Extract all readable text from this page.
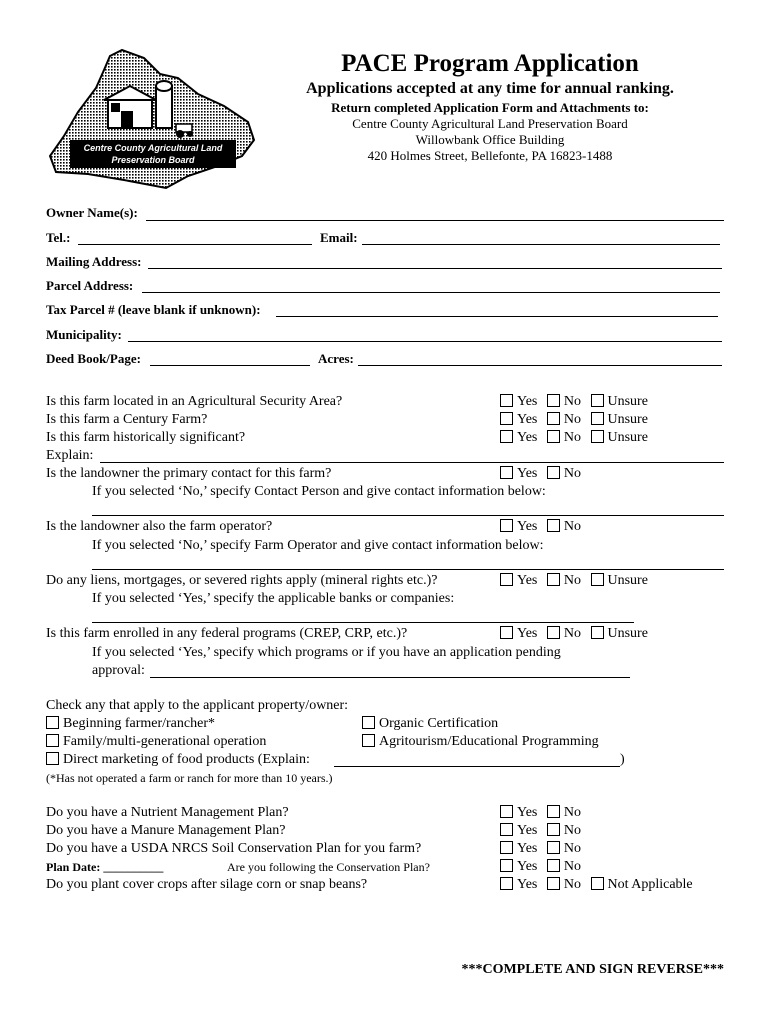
Centre County Agricultural Land
Preservation Board
PACE Program Application
Applications accepted at any time for annual ranking.
Return completed Application Form and Attachments to:
Centre County Agricultural Land Preservation Board
Willowbank Office Building
420 Holmes Street, Bellefonte, PA 16823-1488
Owner Name(s):
Tel.:	Email:
Mailing Address:
Parcel Address:
Tax Parcel # (leave blank if unknown):
Municipality:
Deed Book/Page:	Acres:
Is this farm located in an Agricultural Security Area?	Yes No Unsure
Is this farm a Century Farm?	Yes No Unsure
Is this farm historically significant?	Yes No Unsure
Explain:
Is the landowner the primary contact for this farm?	Yes No
If you selected ‘No,’ specify Contact Person and give contact information below:
Is the landowner also the farm operator?	Yes No
If you selected ‘No,’ specify Farm Operator and give contact information below:
Do any liens, mortgages, or severed rights apply (mineral rights etc.)?	Yes No Unsure
If you selected ‘Yes,’ specify the applicable banks or companies:
Is this farm enrolled in any federal programs (CREP, CRP, etc.)?	Yes No Unsure
If you selected ‘Yes,’ specify which programs or if you have an application pending
approval:
Check any that apply to the applicant property/owner:
Beginning farmer/rancher*	Organic Certification
Family/multi-generational operation	Agritourism/Educational Programming
Direct marketing of food products (Explain:	)
(*Has not operated a farm or ranch for more than 10 years.)
Do you have a Nutrient Management Plan?	Yes No
Do you have a Manure Management Plan?	Yes No
Do you have a USDA NRCS Soil Conservation Plan for you farm?	Yes No
Plan Date: __________	Are you following the Conservation Plan?	Yes No
Do you plant cover crops after silage corn or snap beans?	Yes No Not Applicable
***COMPLETE AND SIGN REVERSE***
